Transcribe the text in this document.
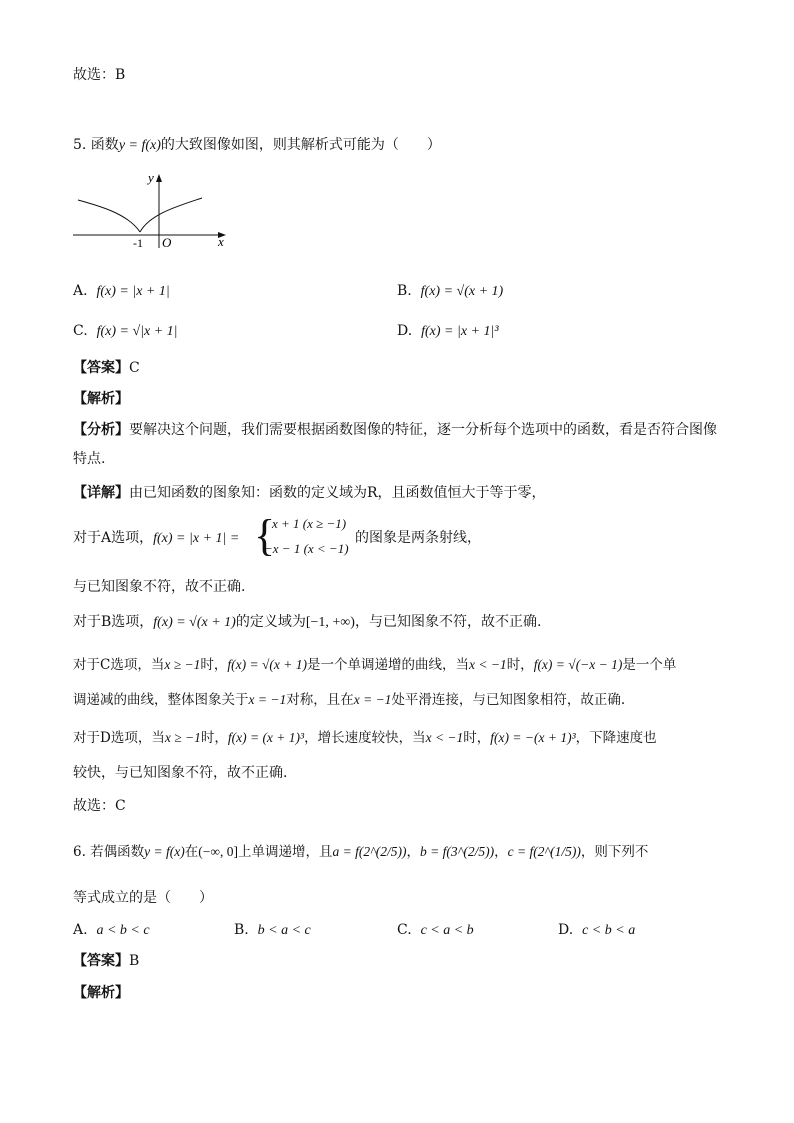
故选：B
5. 函数y = f(x)的大致图像如图，则其解析式可能为（　　）
y
x
O
-1
A. f(x) = |x + 1|	B. f(x) = √(x + 1)
C. f(x) = √|x + 1|	D. f(x) = |x + 1|³
【答案】C
【解析】
【分析】要解决这个问题，我们需要根据函数图像的特征，逐一分析每个选项中的函数，看是否符合图像
特点.
【详解】由已知函数的图象知：函数的定义域为R，且函数值恒大于等于零，
对于A选项，f(x) = |x + 1| = {
x + 1 (x ≥ −1)
−x − 1 (x < −1)
的图象是两条射线，
与已知图象不符，故不正确.
对于B选项，f(x) = √(x + 1)的定义域为[−1, +∞)，与已知图象不符，故不正确.
对于C选项，当x ≥ −1时，f(x) = √(x + 1)是一个单调递增的曲线，当x < −1时，f(x) = √(−x − 1)是一个单
调递减的曲线，整体图象关于x = −1对称，且在x = −1处平滑连接，与已知图象相符，故正确.
对于D选项，当x ≥ −1时，f(x) = (x + 1)³，增长速度较快，当x < −1时，f(x) = −(x + 1)³，下降速度也
较快，与已知图象不符，故不正确.
故选：C
6. 若偶函数y = f(x)在(−∞, 0]上单调递增，且a = f(2^(2/5))，b = f(3^(2/5))，c = f(2^(1/5))，则下列不
等式成立的是（　　）
A. a < b < c	B. b < a < c	C. c < a < b	D. c < b < a
【答案】B
【解析】
